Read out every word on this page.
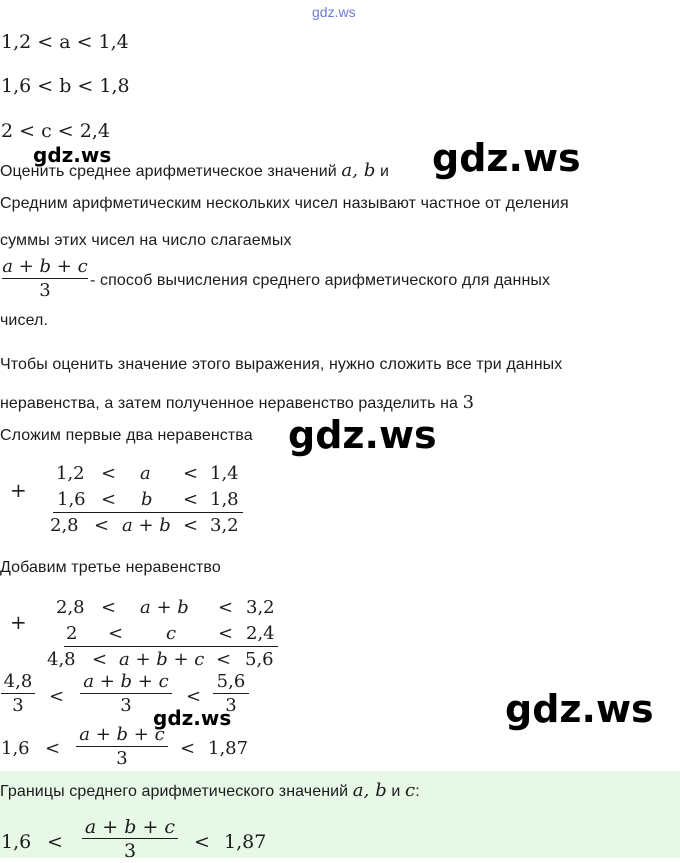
gdz.ws
1,2 < a < 1,4
1,6 < b < 1,8
2 < c < 2,4
Оценить среднее арифметическое значений a, b и
Средним арифметическим нескольких чисел называют частное от деления
суммы этих чисел на число слагаемых
a + b + c
3	- способ вычисления среднего арифметического для данных
чисел.
Чтобы оценить значение этого выражения, нужно сложить все три данных
неравенства, а затем полученное неравенство разделить на 3
Сложим первые два неравенства
+
1,2 < a < 1,4
1,6 < b < 1,8
2,8 < a + b < 3,2
Добавим третье неравенство
+
2,8 < a + b < 3,2
2 < c < 2,4
4,8 < a + b + c < 5,6
4,8
3	<
a + b + c
3	<
5,6
3
1,6 <
a + b + c
3	< 1,87
Границы среднего арифметического значений a, b и c:
1,6 <
a + b + c
3	< 1,87
gdz.ws	gdz.ws
gdz.ws
gdz.ws
gdz.ws
